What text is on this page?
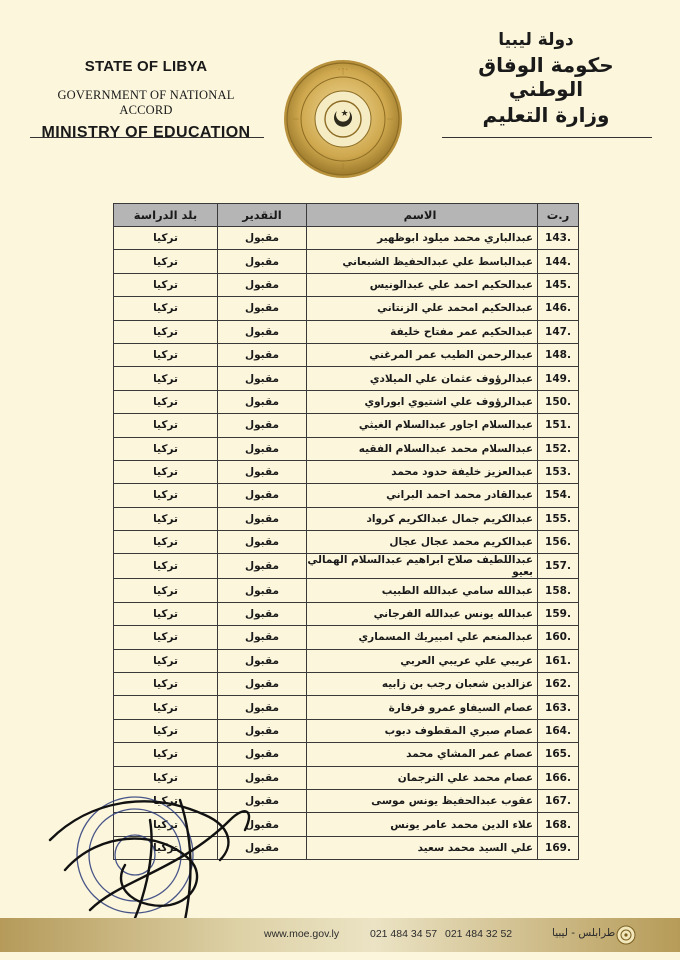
STATE OF LIBYA
GOVERNMENT OF NATIONAL ACCORD
MINISTRY OF EDUCATION
· ·
دولة ليبيا
حكومة الوفاق الوطني
وزارة التعليم
ر.ت	الاسم	التقدير	بلد الدراسة
143.	عبدالباري محمد ميلود ابوظهير	مقبول	تركيا
144.	عبدالباسط علي عبدالحفيظ الشبعاني	مقبول	تركيا
145.	عبدالحكيم احمد علي عبدالونيس	مقبول	تركيا
146.	عبدالحكيم امحمد علي الزنتاني	مقبول	تركيا
147.	عبدالحكيم عمر مفتاح خليفة	مقبول	تركيا
148.	عبدالرحمن الطيب عمر المرغني	مقبول	تركيا
149.	عبدالرؤوف عثمان علي الميلادي	مقبول	تركيا
150.	عبدالرؤوف علي اشتيوي ابوراوي	مقبول	تركيا
151.	عبدالسلام اجاور عبدالسلام الغيثي	مقبول	تركيا
152.	عبدالسلام محمد عبدالسلام الفقيه	مقبول	تركيا
153.	عبدالعزيز خليفة حدود محمد	مقبول	تركيا
154.	عبدالقادر محمد احمد البراني	مقبول	تركيا
155.	عبدالكريم جمال عبدالكريم كرواد	مقبول	تركيا
156.	عبدالكريم محمد عجال عجال	مقبول	تركيا
157.	عبداللطيف صلاح ابراهيم عبدالسلام الهمالي بعيو	مقبول	تركيا
158.	عبدالله سامي عبدالله الطبيب	مقبول	تركيا
159.	عبدالله يونس عبدالله الفرجاني	مقبول	تركيا
160.	عبدالمنعم علي امبيريك المسماري	مقبول	تركيا
161.	عريبي علي عريبي العربي	مقبول	تركيا
162.	عزالدين شعبان رجب بن زابيه	مقبول	تركيا
163.	عصام السيفاو عمرو فرفارة	مقبول	تركيا
164.	عصام صبري المقطوف دبوب	مقبول	تركيا
165.	عصام عمر المشاي محمد	مقبول	تركيا
166.	عصام محمد علي الترجمان	مقبول	تركيا
167.	عقوب عبدالحفيظ يونس موسى	مقبول	تركيا
168.	علاء الدين محمد عامر يونس	مقبول	تركيا
169.	علي السيد محمد سعيد	مقبول	تركيا
www.moe.gov.ly	021 484 34 57 021 484 32 52	طرابلس - ليبيا
